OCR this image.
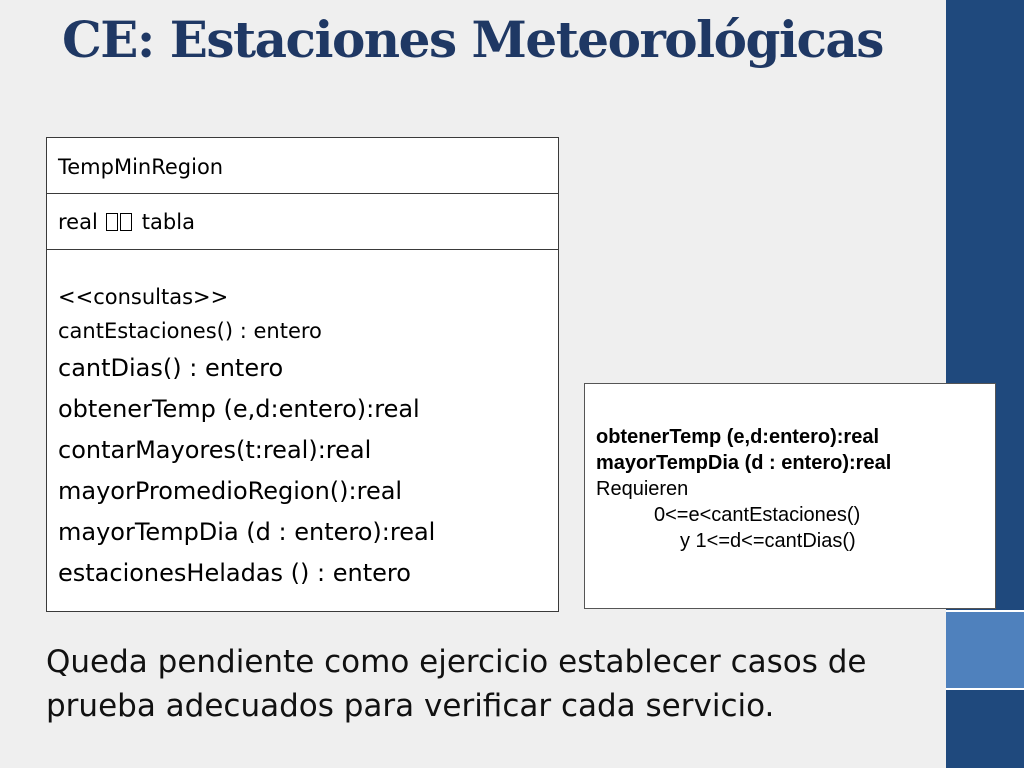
CE: Estaciones Meteorológicas
TempMinRegion
real tabla
<<consultas>>
cantEstaciones() : entero
cantDias() : entero
obtenerTemp (e,d:entero):real
contarMayores(t:real):real
mayorPromedioRegion():real
mayorTempDia (d : entero):real
estacionesHeladas () : entero
obtenerTemp (e,d:entero):real
mayorTempDia (d : entero):real
Requieren
0<=e<cantEstaciones()
y 1<=d<=cantDias()

Queda pendiente como ejercicio establecer casos de prueba adecuados para verificar cada servicio.
